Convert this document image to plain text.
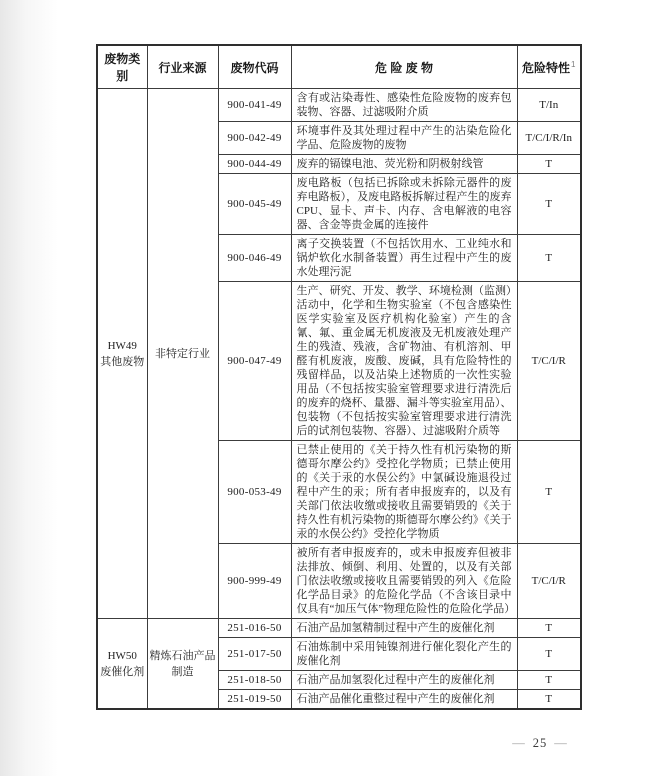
废物类别	行业来源	废物代码	危 险 废 物	危险特性$^1$

HW49
其他废物	非特定行业	900-041-49	含有或沾染毒性、感染性危险废物的废弃包装物、容器、过滤吸附介质	T/In
		900-042-49	环境事件及其处理过程中产生的沾染危险化学品、危险废物的废物	T/C/I/R/In
		900-044-49	废弃的镉镍电池、荧光粉和阴极射线管	T
		900-045-49	废电路板（包括已拆除或未拆除元器件的废弃电路板），及废电路板拆解过程产生的废弃CPU、显卡、声卡、内存、含电解液的电容器、含金等贵金属的连接件	T
		900-046-49	离子交换装置（不包括饮用水、工业纯水和锅炉软化水制备装置）再生过程中产生的废水处理污泥	T
		900-047-49	生产、研究、开发、教学、环境检测（监测）活动中，化学和生物实验室（不包含感染性医学实验室及医疗机构化验室）产生的含氰、氟、重金属无机废液及无机废液处理产生的残渣、残液，含矿物油、有机溶剂、甲醛有机废液，废酸、废碱，具有危险特性的残留样品，以及沾染上述物质的一次性实验用品（不包括按实验室管理要求进行清洗后的废弃的烧杯、量器、漏斗等实验室用品）、包装物（不包括按实验室管理要求进行清洗后的试剂包装物、容器）、过滤吸附介质等	T/C/I/R
		900-053-49	已禁止使用的《关于持久性有机污染物的斯德哥尔摩公约》受控化学物质；已禁止使用的《关于汞的水俣公约》中氯碱设施退役过程中产生的汞；所有者申报废弃的，以及有关部门依法收缴或接收且需要销毁的《关于持久性有机污染物的斯德哥尔摩公约》《关于汞的水俣公约》受控化学物质	T
		900-999-49	被所有者申报废弃的，或未申报废弃但被非法排放、倾倒、利用、处置的，以及有关部门依法收缴或接收且需要销毁的列入《危险化学品目录》的危险化学品（不含该目录中仅具有“加压气体”物理危险性的危险化学品）	T/C/I/R

HW50
废催化剂	精炼石油产品制造	251-016-50	石油产品加氢精制过程中产生的废催化剂	T
		251-017-50	石油炼制中采用钝镍剂进行催化裂化产生的废催化剂	T
		251-018-50	石油产品加氢裂化过程中产生的废催化剂	T
		251-019-50	石油产品催化重整过程中产生的废催化剂	T
— 25 —
